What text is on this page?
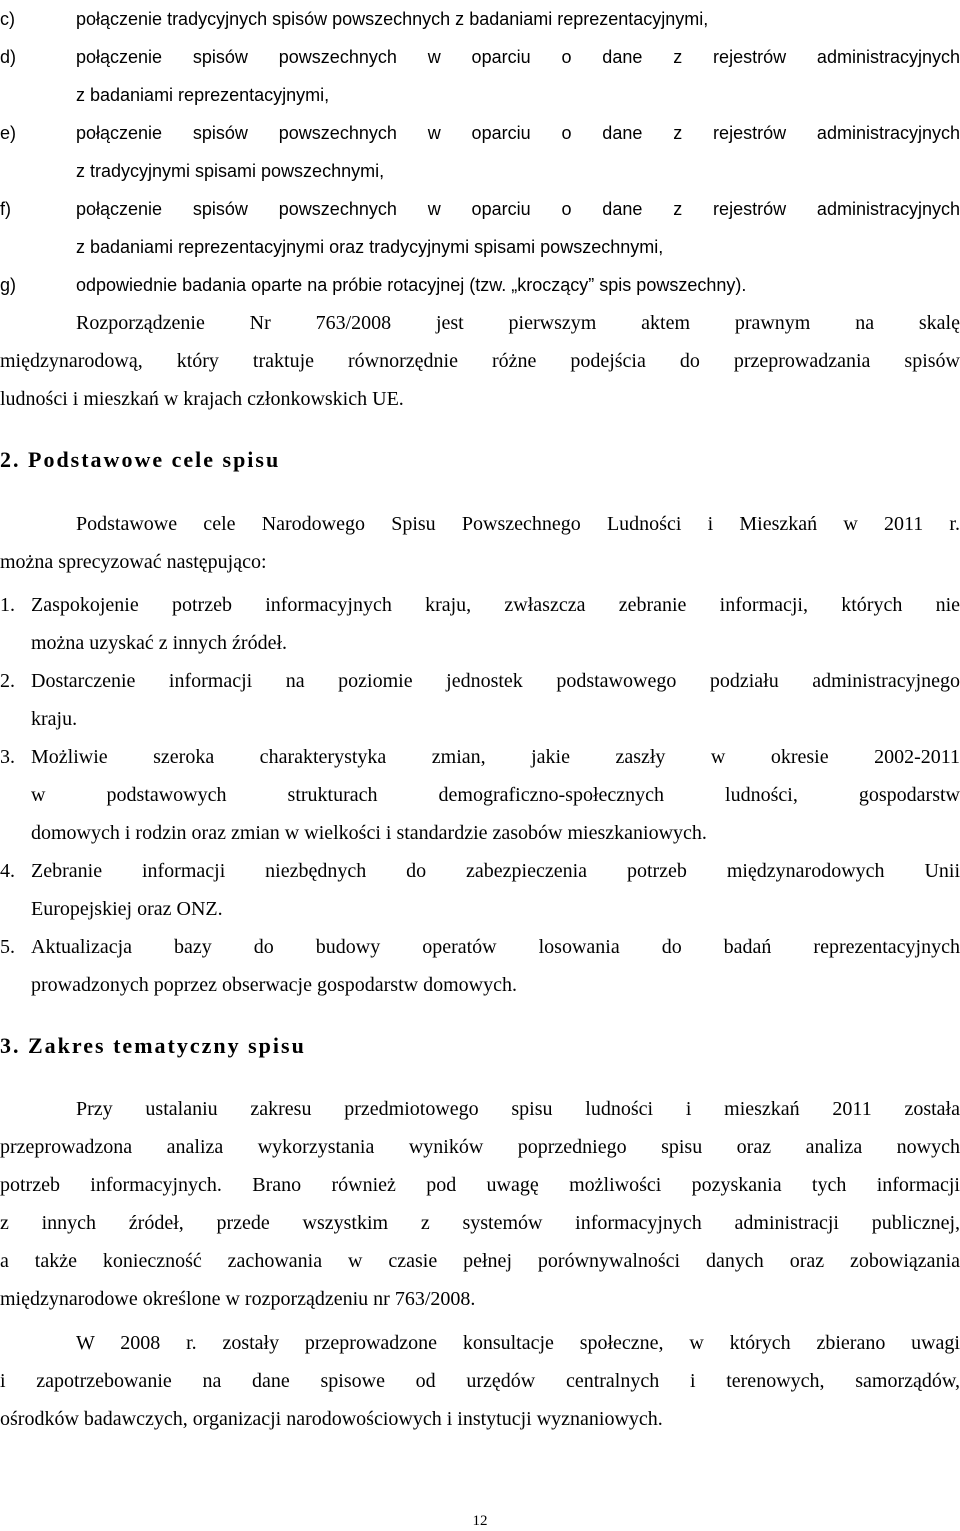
c)	połączenie tradycyjnych spisów powszechnych z badaniami reprezentacyjnymi,
d)	połączenie spisów powszechnych w oparciu o dane z rejestrów administracyjnych
z badaniami reprezentacyjnymi,
e)	połączenie spisów powszechnych w oparciu o dane z rejestrów administracyjnych
z tradycyjnymi spisami powszechnymi,
f)	połączenie spisów powszechnych w oparciu o dane z rejestrów administracyjnych
z badaniami reprezentacyjnymi oraz tradycyjnymi spisami powszechnymi,
g)	odpowiednie badania oparte na próbie rotacyjnej (tzw. „kroczący” spis powszechny).
Rozporządzenie Nr 763/2008 jest pierwszym aktem prawnym na skalę
międzynarodową, który traktuje równorzędnie różne podejścia do przeprowadzania spisów
ludności i mieszkań w krajach członkowskich UE.
2. Podstawowe cele spisu
Podstawowe cele Narodowego Spisu Powszechnego Ludności i Mieszkań w 2011 r.
można sprecyzować następująco:
1. Zaspokojenie potrzeb informacyjnych kraju, zwłaszcza zebranie informacji, których nie
można uzyskać z innych źródeł.
2. Dostarczenie informacji na poziomie jednostek podstawowego podziału administracyjnego
kraju.
3. Możliwie szeroka charakterystyka zmian, jakie zaszły w okresie 2002-2011
w podstawowych strukturach demograficzno-społecznych ludności, gospodarstw
domowych i rodzin oraz zmian w wielkości i standardzie zasobów mieszkaniowych.
4. Zebranie informacji niezbędnych do zabezpieczenia potrzeb międzynarodowych Unii
Europejskiej oraz ONZ.
5. Aktualizacja bazy do budowy operatów losowania do badań reprezentacyjnych
prowadzonych poprzez obserwacje gospodarstw domowych.
3. Zakres tematyczny spisu
Przy ustalaniu zakresu przedmiotowego spisu ludności i mieszkań 2011 została
przeprowadzona analiza wykorzystania wyników poprzedniego spisu oraz analiza nowych
potrzeb informacyjnych. Brano również pod uwagę możliwości pozyskania tych informacji
z innych źródeł, przede wszystkim z systemów informacyjnych administracji publicznej,
a także konieczność zachowania w czasie pełnej porównywalności danych oraz zobowiązania
międzynarodowe określone w rozporządzeniu nr 763/2008.
W 2008 r. zostały przeprowadzone konsultacje społeczne, w których zbierano uwagi
i zapotrzebowanie na dane spisowe od urzędów centralnych i terenowych, samorządów,
ośrodków badawczych, organizacji narodowościowych i instytucji wyznaniowych.
12
